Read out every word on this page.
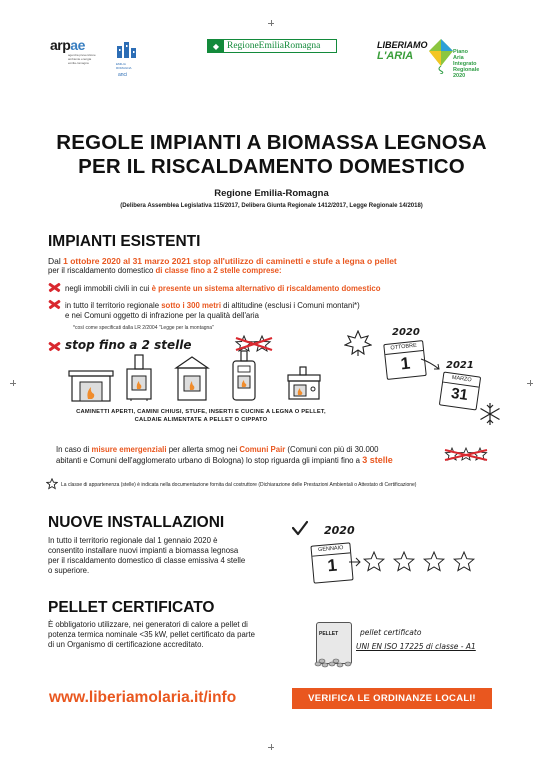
arpae
agenzia prevenzione ambiente energia emilia-romagna	EMILIA ROMAGNA
anci
◆ RegioneEmiliaRomagna	LIBERIAMO
L'ARIA	Piano
Aria
Integrato
Regionale
2020
REGOLE IMPIANTI A BIOMASSA LEGNOSA
PER IL RISCALDAMENTO DOMESTICO
Regione Emilia-Romagna
(Delibera Assemblea Legislativa 115/2017, Delibera Giunta Regionale 1412/2017, Legge Regionale 14/2018)
IMPIANTI ESISTENTI
Dal 1 ottobre 2020 al 31 marzo 2021 stop all'utilizzo di caminetti e stufe a legna o pellet
per il riscaldamento domestico di classe fino a 2 stelle comprese:
negli immobili civili in cui è presente un sistema alternativo di riscaldamento domestico
in tutto il territorio regionale sotto i 300 metri di altitudine (esclusi i Comuni montani*)
e nei Comuni oggetto di infrazione per la qualità dell'aria
*così come specificati dalla LR 2/2004 "Legge per la montagna"
stop fino a 2 stelle
2020
OTTOBRE
1	2021
MARZO
31
CAMINETTI APERTI, CAMINI CHIUSI, STUFE, INSERTI E CUCINE A LEGNA O PELLET,
CALDAIE ALIMENTATE A PELLET O CIPPATO
In caso di misure emergenziali per allerta smog nei Comuni Pair (Comuni con più di 30.000
abitanti e Comuni dell'agglomerato urbano di Bologna) lo stop riguarda gli impianti fino a 3 stelle
La classe di appartenenza (stelle) è indicata nella documentazione fornita dal costruttore (Dichiarazione delle Prestazioni Ambientali o Attestato di Certificazione)
NUOVE INSTALLAZIONI
In tutto il territorio regionale dal 1 gennaio 2020 è
consentito installare nuovi impianti a biomassa legnosa
per il riscaldamento domestico di classe emissiva 4 stelle
o superiore.
2020
GENNAIO
1
PELLET CERTIFICATO
È obbligatorio utilizzare, nei generatori di calore a pellet di
potenza termica nominale <35 kW, pellet certificato da parte
di un Organismo di certificazione accreditato.
PELLET	pellet certificato
UNI EN ISO 17225 di classe - A1
www.liberiamolaria.it/info	VERIFICA LE ORDINANZE LOCALI!
